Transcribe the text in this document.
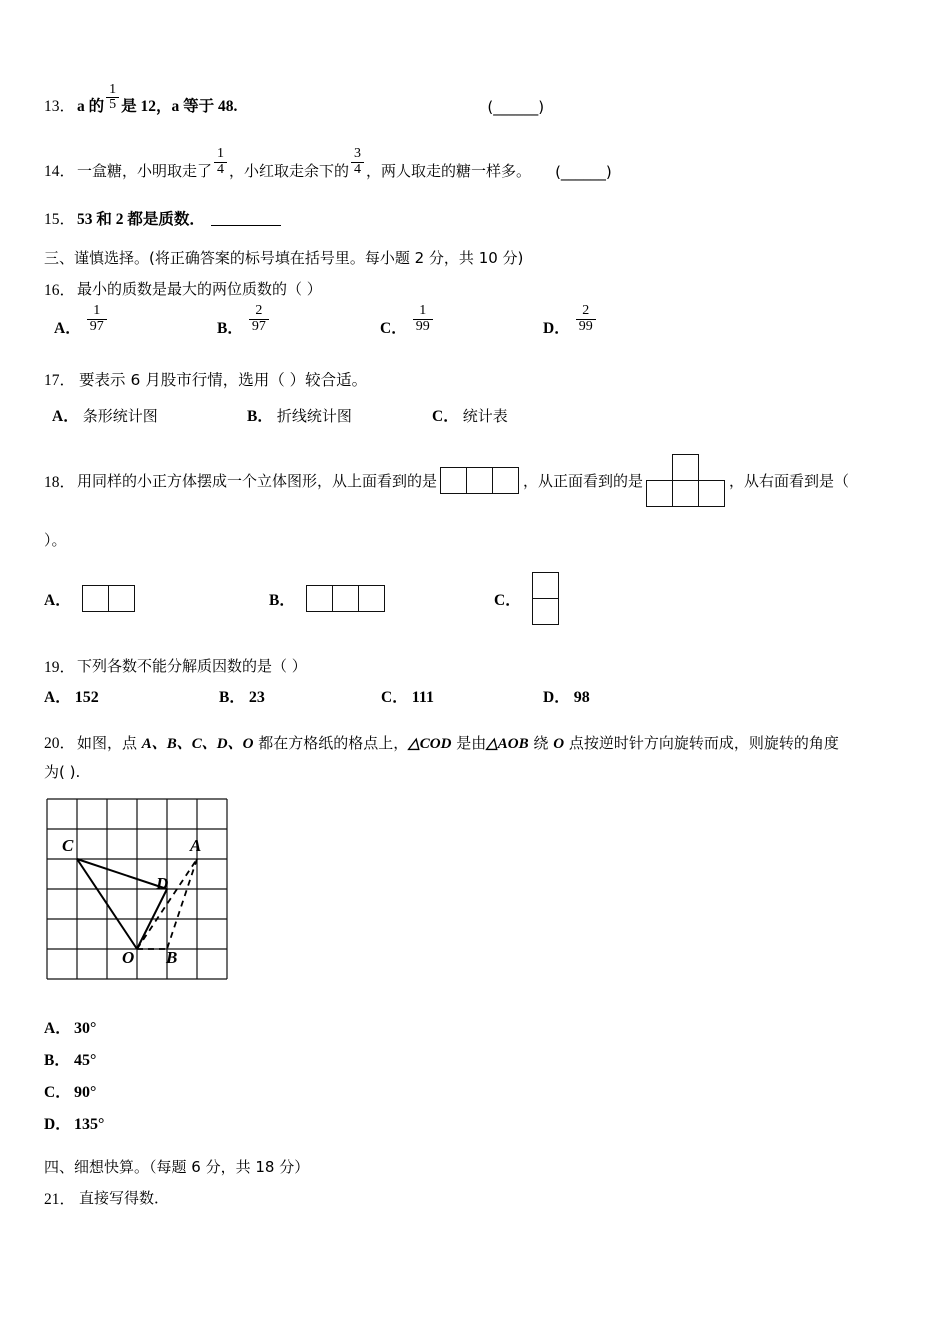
13． a 的 $\frac{1}{5}$ 是 12，a 等于 48.	(______)
14． 一盒糖，小明取走了 $\frac{1}{4}$ ，小红取走余下的 $\frac{3}{4}$ ，两人取走的糖一样多。 (______)
15． 53 和 2 都是质数．
三、谨慎选择。(将正确答案的标号填在括号里。每小题 2 分，共 10 分)
16． 最小的质数是最大的两位质数的（ ）
A． $\frac{1}{97}$	B． $\frac{2}{97}$	C． $\frac{1}{99}$	D． $\frac{2}{99}$
17． 要表示 6 月股市行情，选用（ ）较合适。
A． 条形统计图	B． 折线统计图	C． 统计表
18． 用同样的小正方体摆成一个立体图形，从上面看到的是	，从正面看到的是	，从右面看到是（
）。
A．	B．	C．
19． 下列各数不能分解质因数的是（ ）
A． 152	B． 23	C． 111	D． 98
20． 如图，点 A、B、C、D、O 都在方格纸的格点上，△COD 是由△AOB 绕 O 点按逆时针方向旋转而成，则旋转的角度
为( ).
C	A
D
O B
A． 30°
B． 45°
C． 90°
D． 135°
四、细想快算。（每题 6 分，共 18 分）
21． 直接写得数．
